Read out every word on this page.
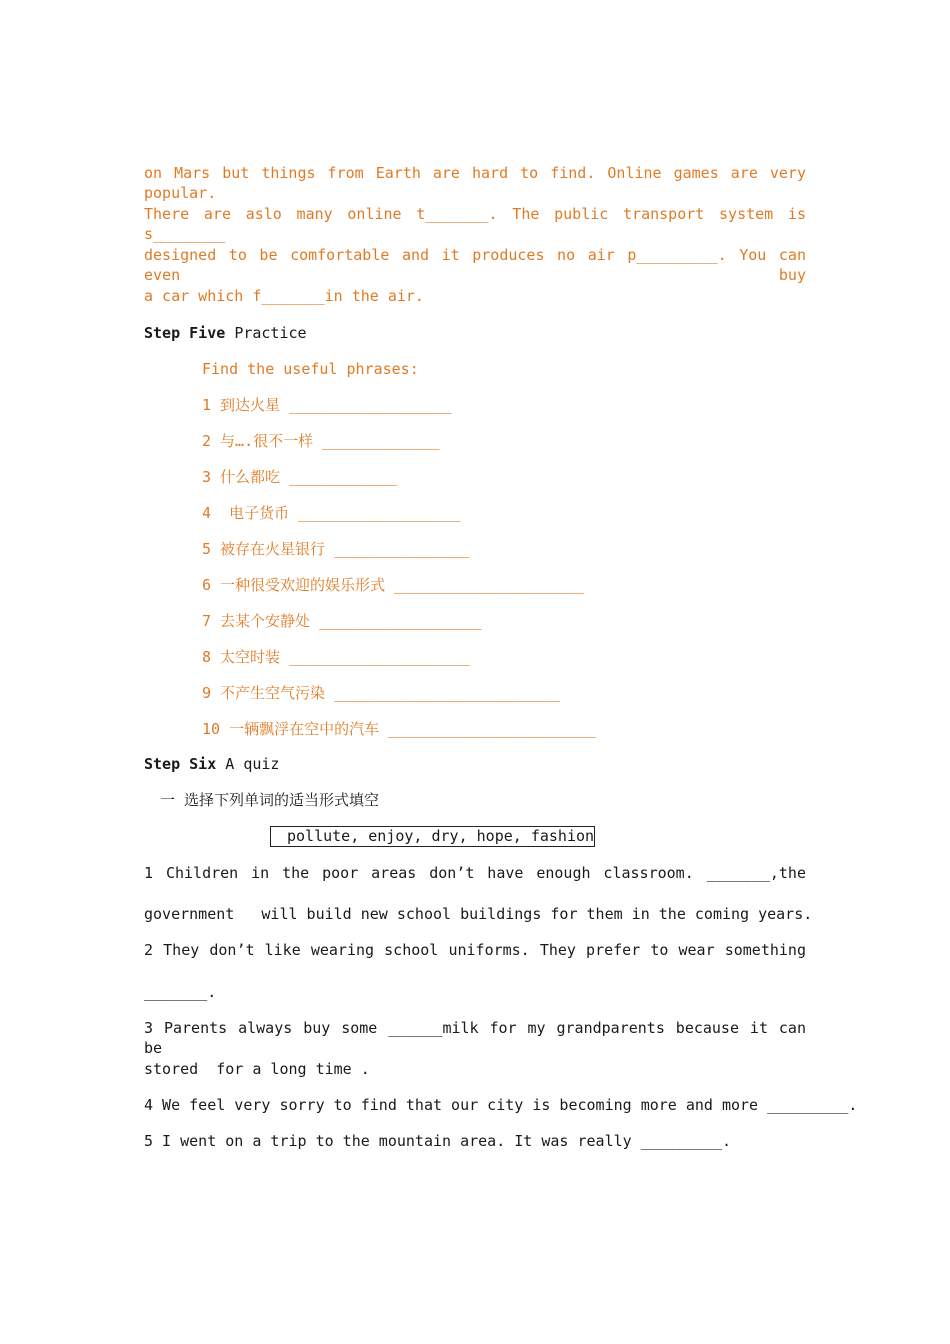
on Mars but things from Earth are hard to find. Online games are very popular.
There are aslo many online t_______. The public transport system is s________
designed to be comfortable and it produces no air p_________. You can even buy
a car which f_______in the air.
Step Five Practice
Find the useful phrases:
1 到达火星 __________________
2 与….很不一样 _____________
3 什么都吃 ____________
4  电子货币 __________________
5 被存在火星银行 _______________
6 一种很受欢迎的娱乐形式 _____________________
7 去某个安静处 __________________
8 太空时装 ____________________
9 不产生空气污染 _________________________
10 一辆飘浮在空中的汽车 _______________________
Step Six A quiz
一 选择下列单词的适当形式填空
pollute, enjoy, dry, hope, fashion
1 Children in the poor areas don’t have enough classroom. _______,the
government   will build new school buildings for them in the coming years.
2 They don’t like wearing school uniforms. They prefer to wear something
_______.
3 Parents always buy some ______milk for my grandparents because it can be
stored  for a long time .
4 We feel very sorry to find that our city is becoming more and more _________.
5 I went on a trip to the mountain area. It was really _________.
